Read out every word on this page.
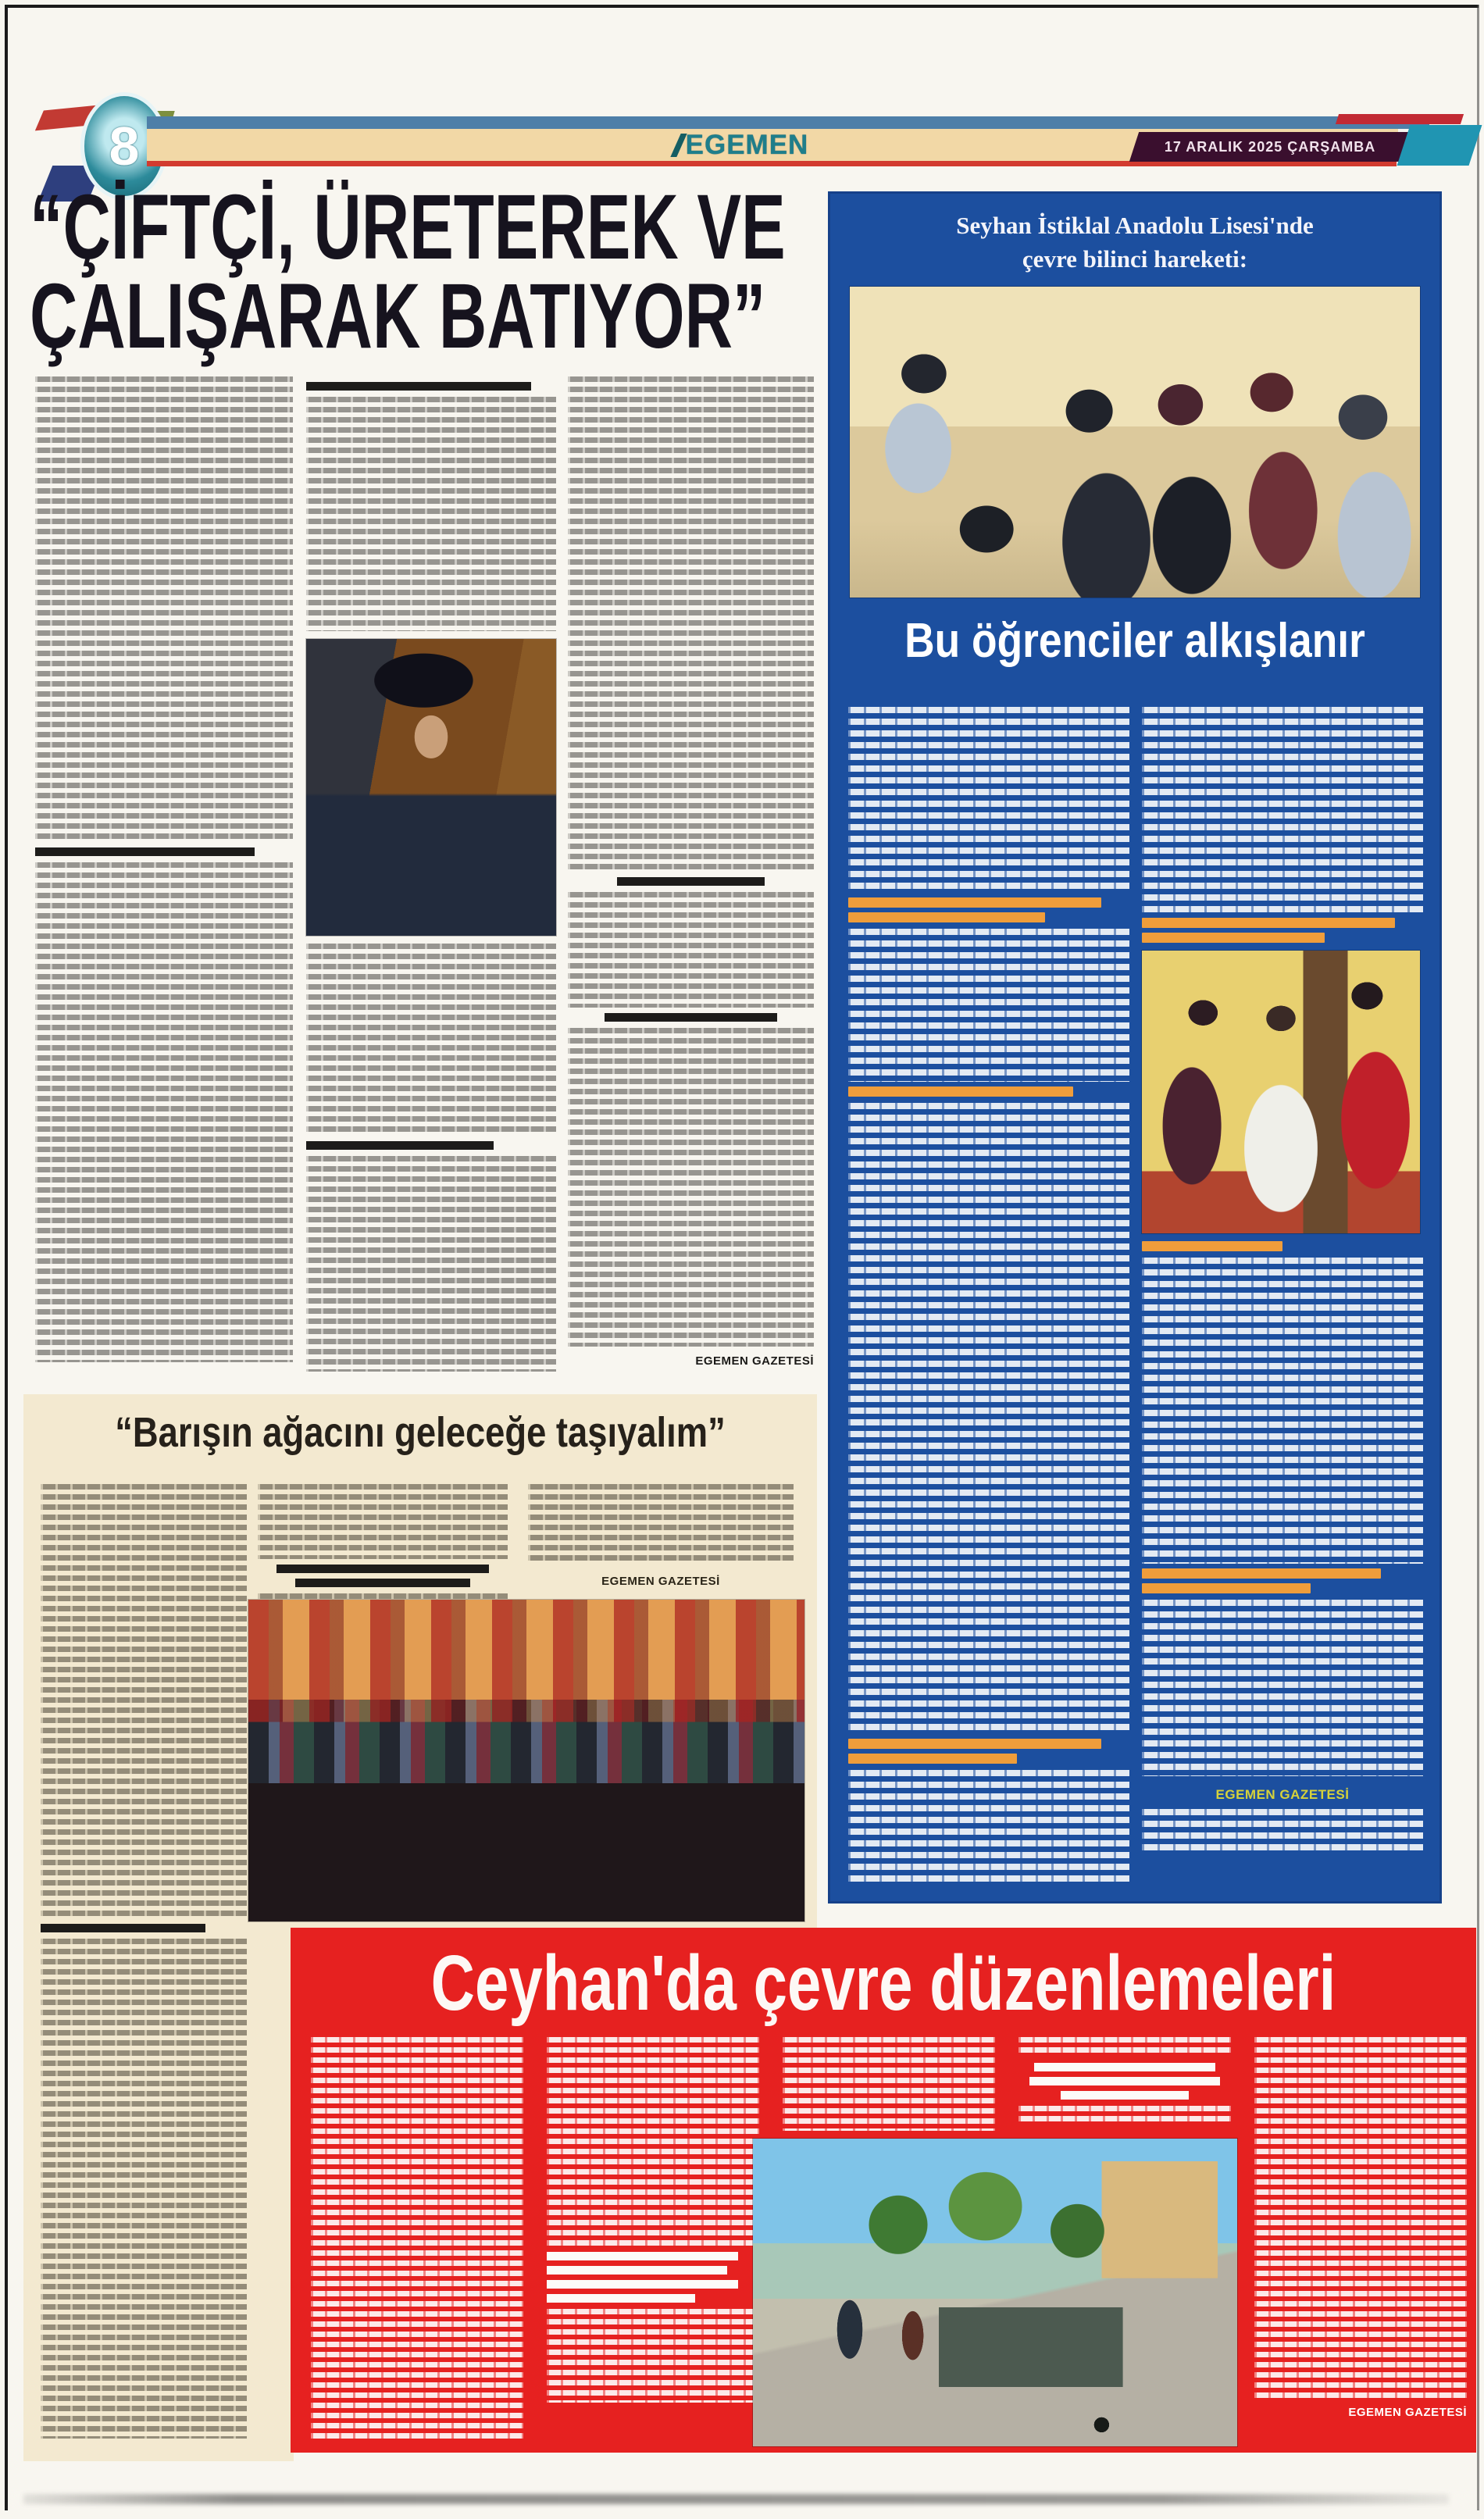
8	EGEMEN	17 ARALIK 2025 ÇARŞAMBA
“ÇİFTÇİ, ÜRETEREK VE
ÇALIŞARAK BATIYOR”
EGEMEN GAZETESİ
Seyhan İstiklal Anadolu Lisesi'nde
çevre bilinci hareketi:
Bu öğrenciler alkışlanır
EGEMEN GAZETESİ
“Barışın ağacını geleceğe taşıyalım”
EGEMEN GAZETESİ
Ceyhan'da çevre düzenlemeleri
EGEMEN GAZETESİ
